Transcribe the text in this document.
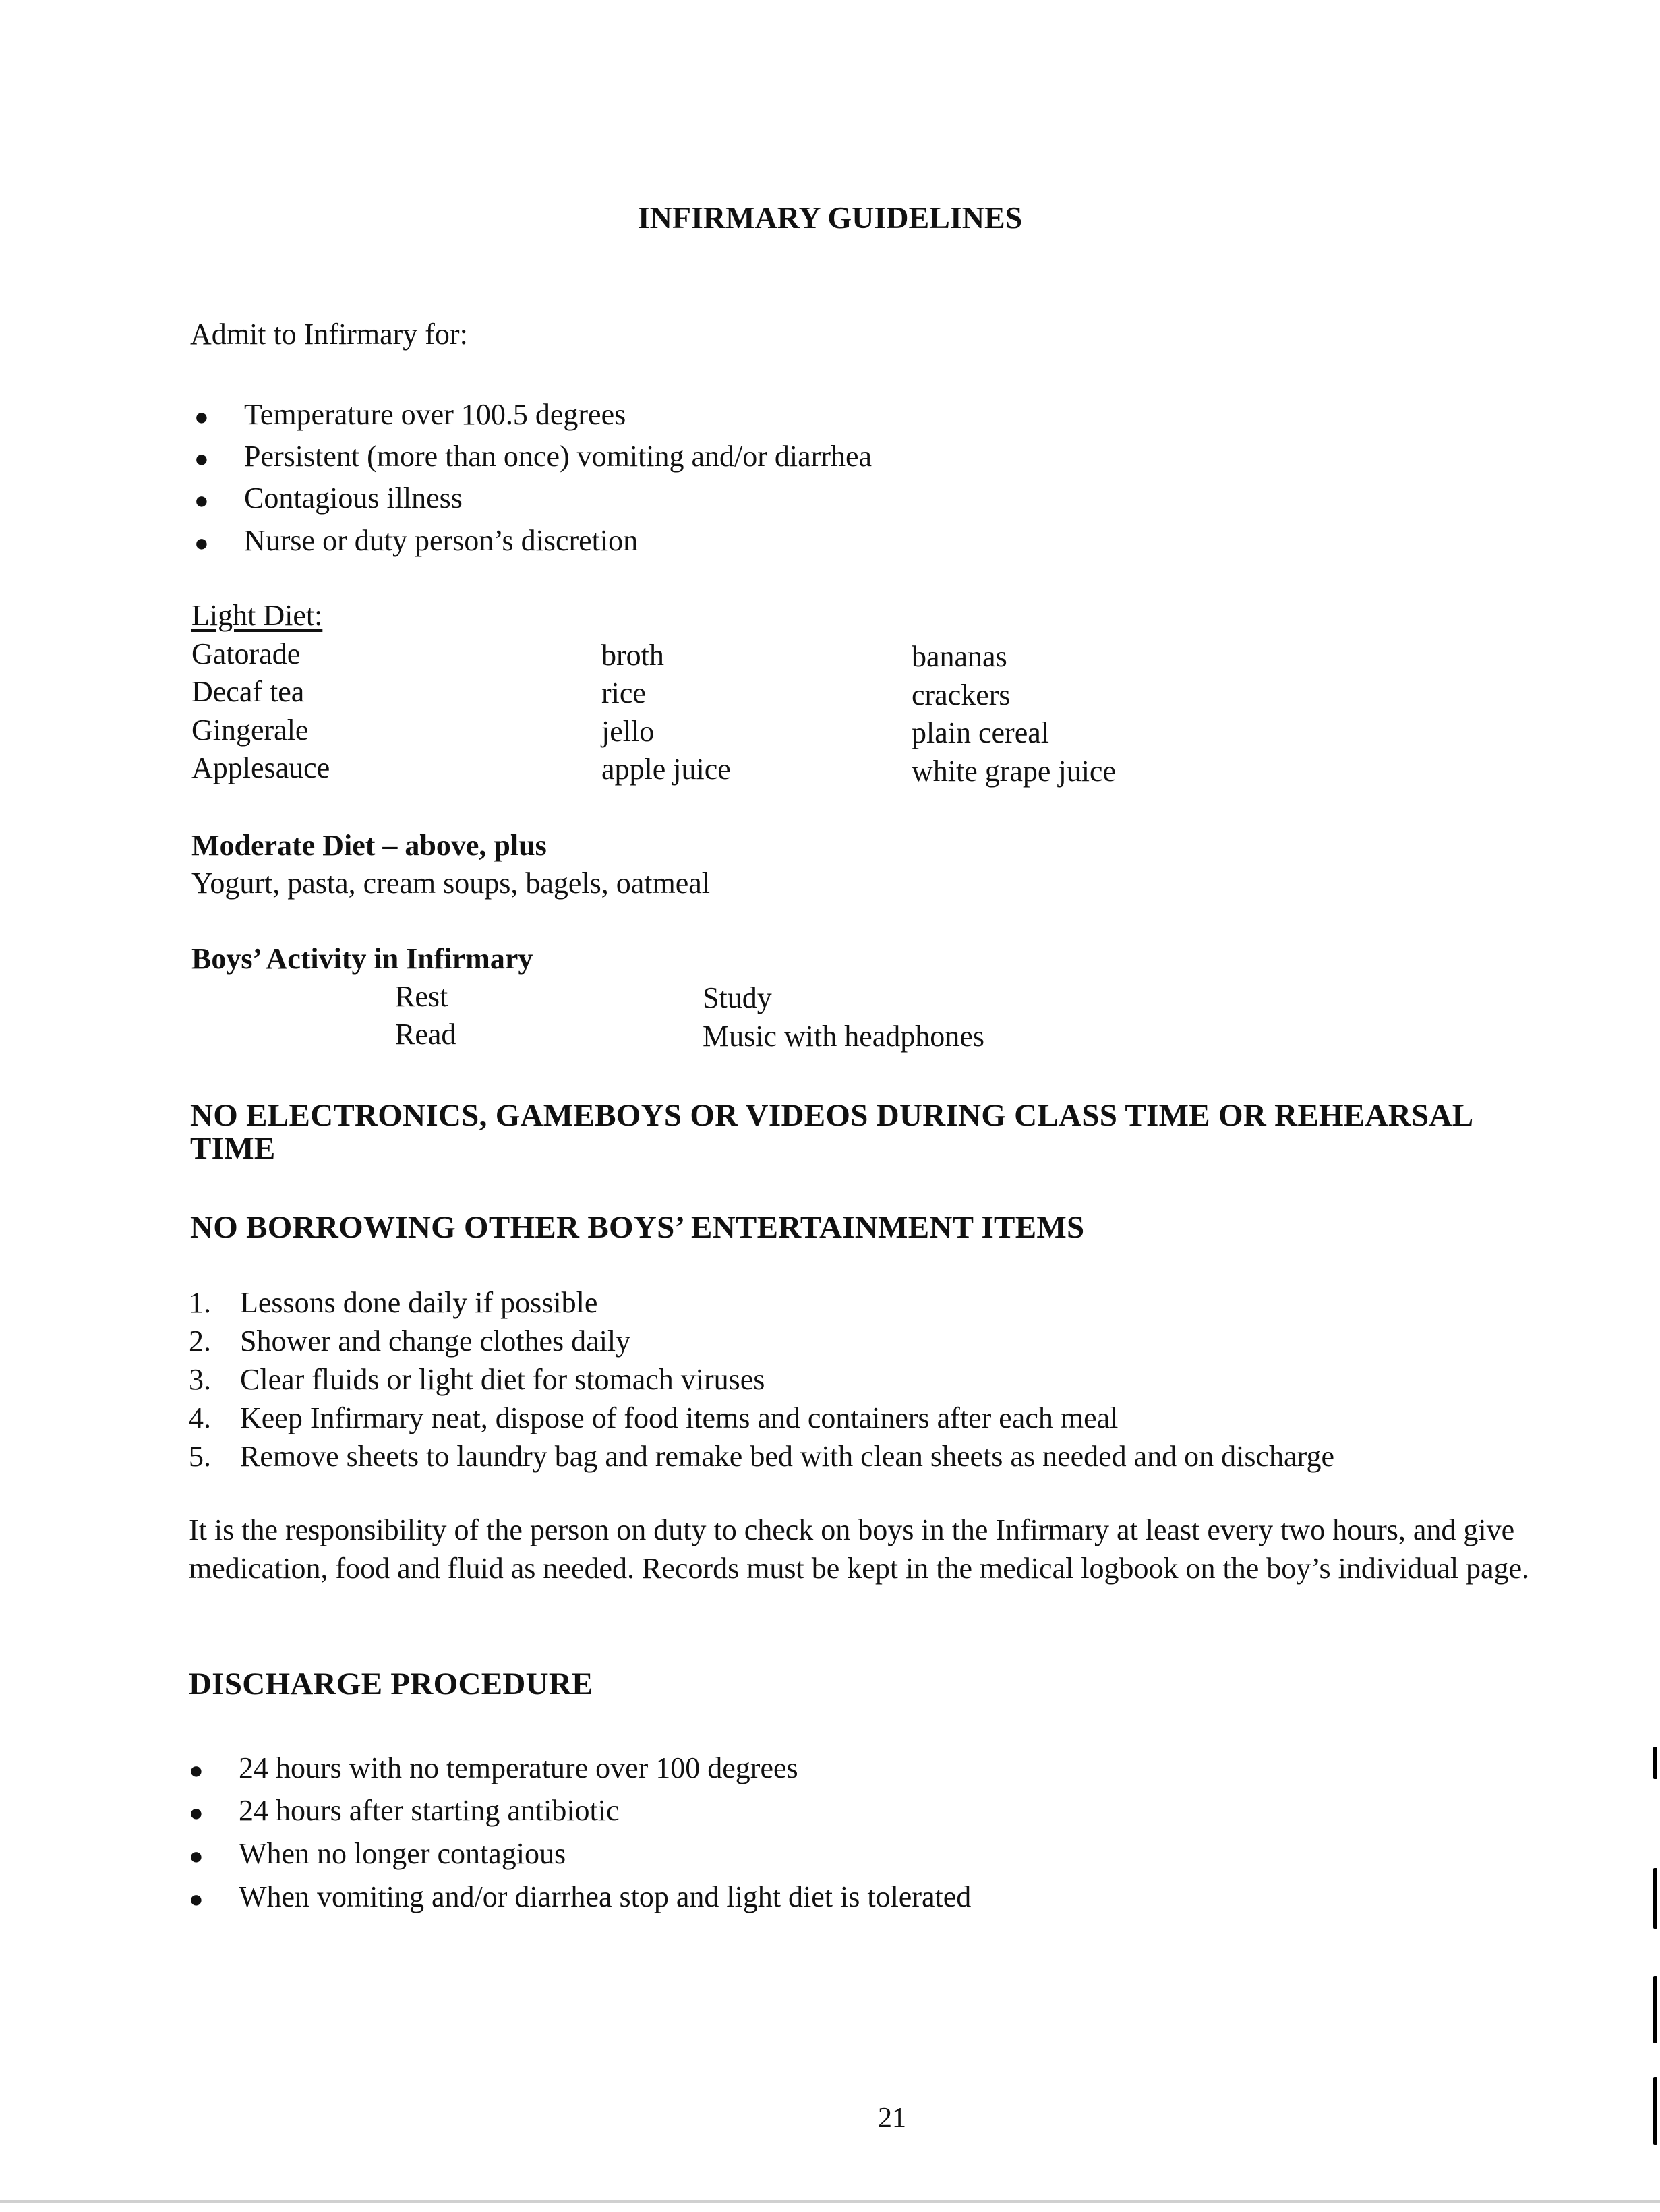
INFIRMARY GUIDELINES
Admit to Infirmary for:
● Temperature over 100.5 degrees
● Persistent (more than once) vomiting and/or diarrhea
● Contagious illness
● Nurse or duty person’s discretion
Light Diet:
Gatorade
Decaf tea
Gingerale
Applesauce
broth
rice
jello
apple juice
bananas
crackers
plain cereal
white grape juice
Moderate Diet – above, plus
Yogurt, pasta, cream soups, bagels, oatmeal
Boys’ Activity in Infirmary
Rest
Read
Study
Music with headphones
NO ELECTRONICS, GAMEBOYS OR VIDEOS DURING CLASS TIME OR REHEARSAL
TIME
NO BORROWING OTHER BOYS’ ENTERTAINMENT ITEMS
1. Lessons done daily if possible
2. Shower and change clothes daily
3. Clear fluids or light diet for stomach viruses
4. Keep Infirmary neat, dispose of food items and containers after each meal
5. Remove sheets to laundry bag and remake bed with clean sheets as needed and on discharge
It is the responsibility of the person on duty to check on boys in the Infirmary at least every two hours, and give medication, food and fluid as needed. Records must be kept in the medical logbook on the boy’s individual page.
DISCHARGE PROCEDURE
● 24 hours with no temperature over 100 degrees
● 24 hours after starting antibiotic
● When no longer contagious
● When vomiting and/or diarrhea stop and light diet is tolerated
21
